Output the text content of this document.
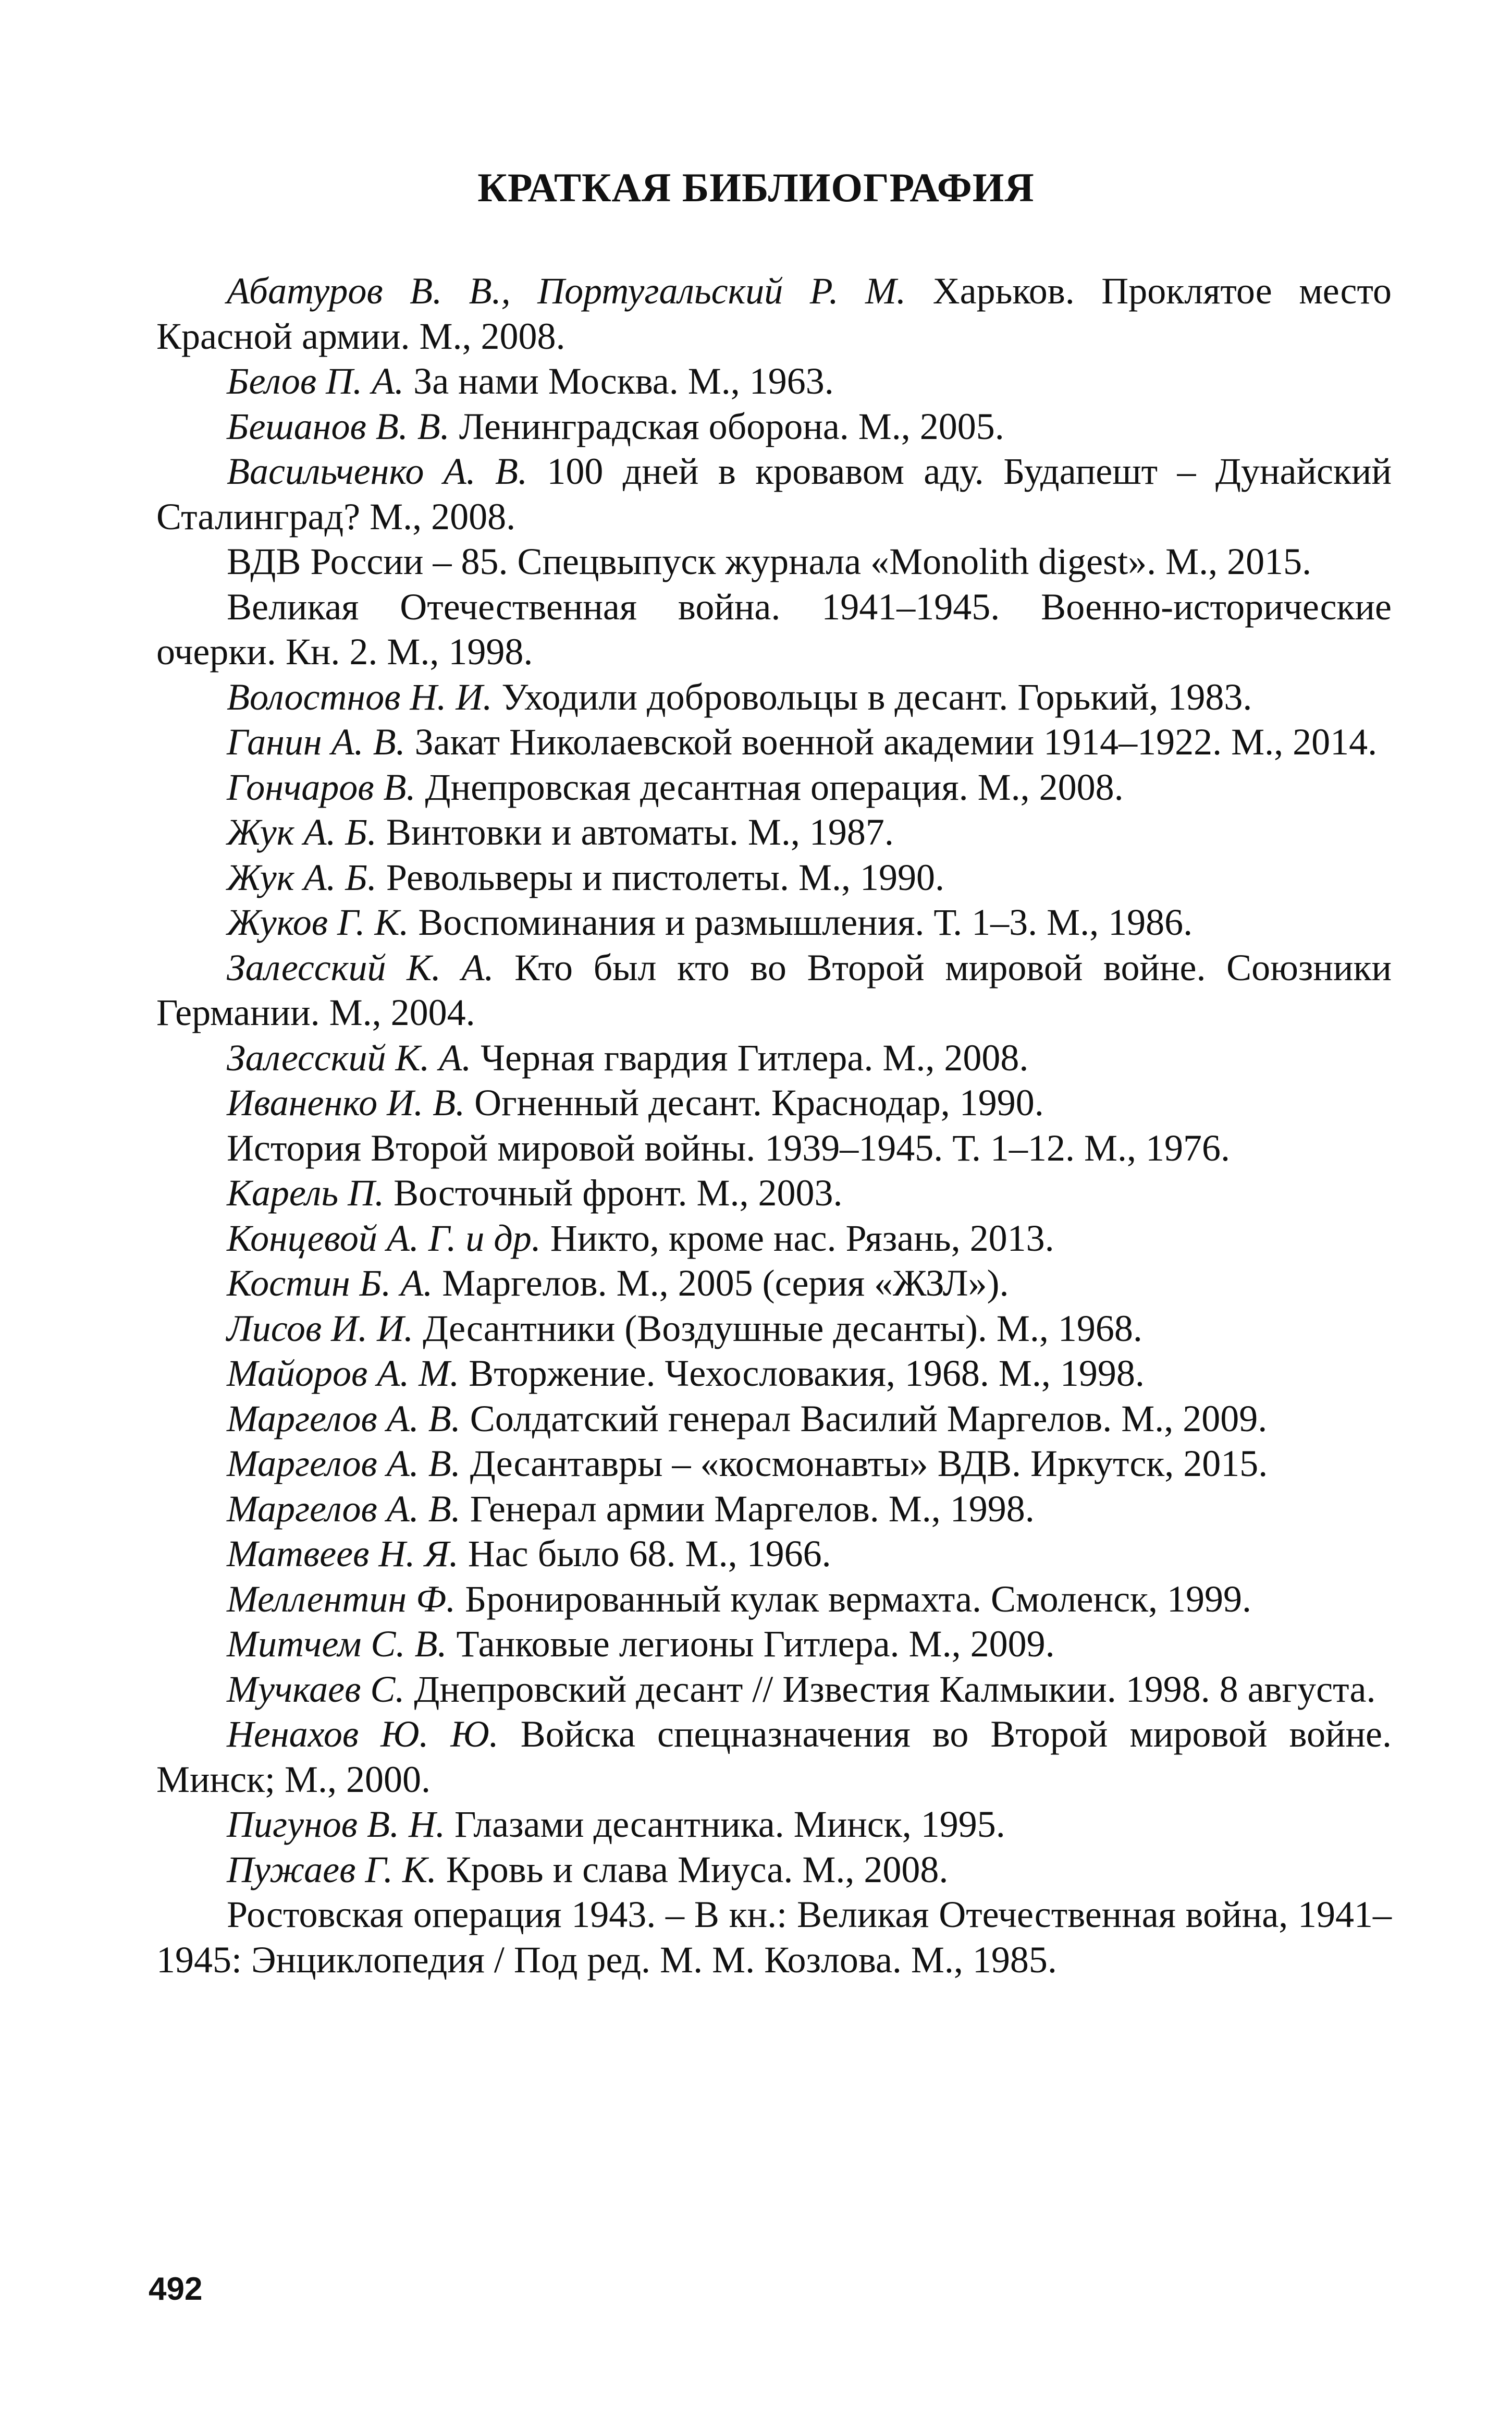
КРАТКАЯ БИБЛИОГРАФИЯ
Абатуров В. В., Португальский Р. М. Харьков. Проклятое место Красной армии. М., 2008.
Белов П. А. За нами Москва. М., 1963.
Бешанов В. В. Ленинградская оборона. М., 2005.
Васильченко А. В. 100 дней в кровавом аду. Будапешт – Дунайский Сталинград? М., 2008.
ВДВ России – 85. Спецвыпуск журнала «Monolith digest». М., 2015.
Великая Отечественная война. 1941–1945. Военно-исторические очерки. Кн. 2. М., 1998.
Волостнов Н. И. Уходили добровольцы в десант. Горький, 1983.
Ганин А. В. Закат Николаевской военной академии 1914–1922. М., 2014.
Гончаров В. Днепровская десантная операция. М., 2008.
Жук А. Б. Винтовки и автоматы. М., 1987.
Жук А. Б. Револьверы и пистолеты. М., 1990.
Жуков Г. К. Воспоминания и размышления. Т. 1–3. М., 1986.
Залесский К. А. Кто был кто во Второй мировой войне. Союзники Германии. М., 2004.
Залесский К. А. Черная гвардия Гитлера. М., 2008.
Иваненко И. В. Огненный десант. Краснодар, 1990.
История Второй мировой войны. 1939–1945. Т. 1–12. М., 1976.
Карель П. Восточный фронт. М., 2003.
Концевой А. Г. и др. Никто, кроме нас. Рязань, 2013.
Костин Б. А. Маргелов. М., 2005 (серия «ЖЗЛ»).
Лисов И. И. Десантники (Воздушные десанты). М., 1968.
Майоров А. М. Вторжение. Чехословакия, 1968. М., 1998.
Маргелов А. В. Солдатский генерал Василий Маргелов. М., 2009.
Маргелов А. В. Десантавры – «космонавты» ВДВ. Иркутск, 2015.
Маргелов А. В. Генерал армии Маргелов. М., 1998.
Матвеев Н. Я. Нас было 68. М., 1966.
Меллентин Ф. Бронированный кулак вермахта. Смоленск, 1999.
Митчем С. В. Танковые легионы Гитлера. М., 2009.
Мучкаев С. Днепровский десант // Известия Калмыкии. 1998. 8 августа.
Ненахов Ю. Ю. Войска спецназначения во Второй мировой войне. Минск; М., 2000.
Пигунов В. Н. Глазами десантника. Минск, 1995.
Пужаев Г. К. Кровь и слава Миуса. М., 2008.
Ростовская операция 1943. – В кн.: Великая Отечественная война, 1941–1945: Энциклопедия / Под ред. М. М. Козлова. М., 1985.

492
